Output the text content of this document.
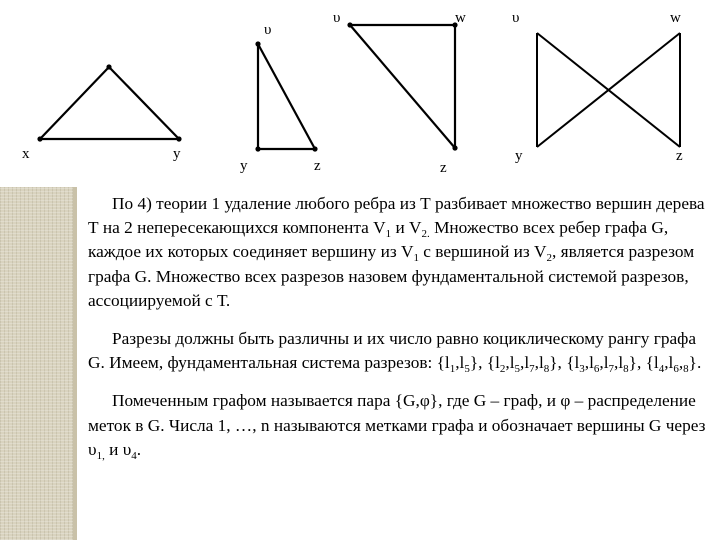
x	y
υ
y	z
υ	w
z
υ	w
y	z

По 4) теории 1 удаление любого ребра из Т разбивает множество вершин дерева Т на 2 непересекающихся компонента $V_1$ и $V_{2.}$ Множество всех ребер графа G, каждое их которых соединяет вершину из $V_1$ с вершиной из $V_2$, является разрезом графа G. Множество всех разрезов назовем фундаментальной системой разрезов, ассоциируемой с Т.

Разрезы должны быть различны и их число равно коциклическому рангу графа G. Имеем, фундаментальная система разрезов: $\{l_1,l_5\}$, $\{l_2,l_5,l_7,l_8\}$, $\{l_3,l_6,l_7,l_8\}$, $\{l_4,l_6,_8\}$.

Помеченным графом называется пара {G,φ}, где G – граф, и φ – распределение меток в G. Числа 1, …, n называются метками графа и обозначает вершины G через $\upsilon_{1,}$ и $\upsilon_4$.
